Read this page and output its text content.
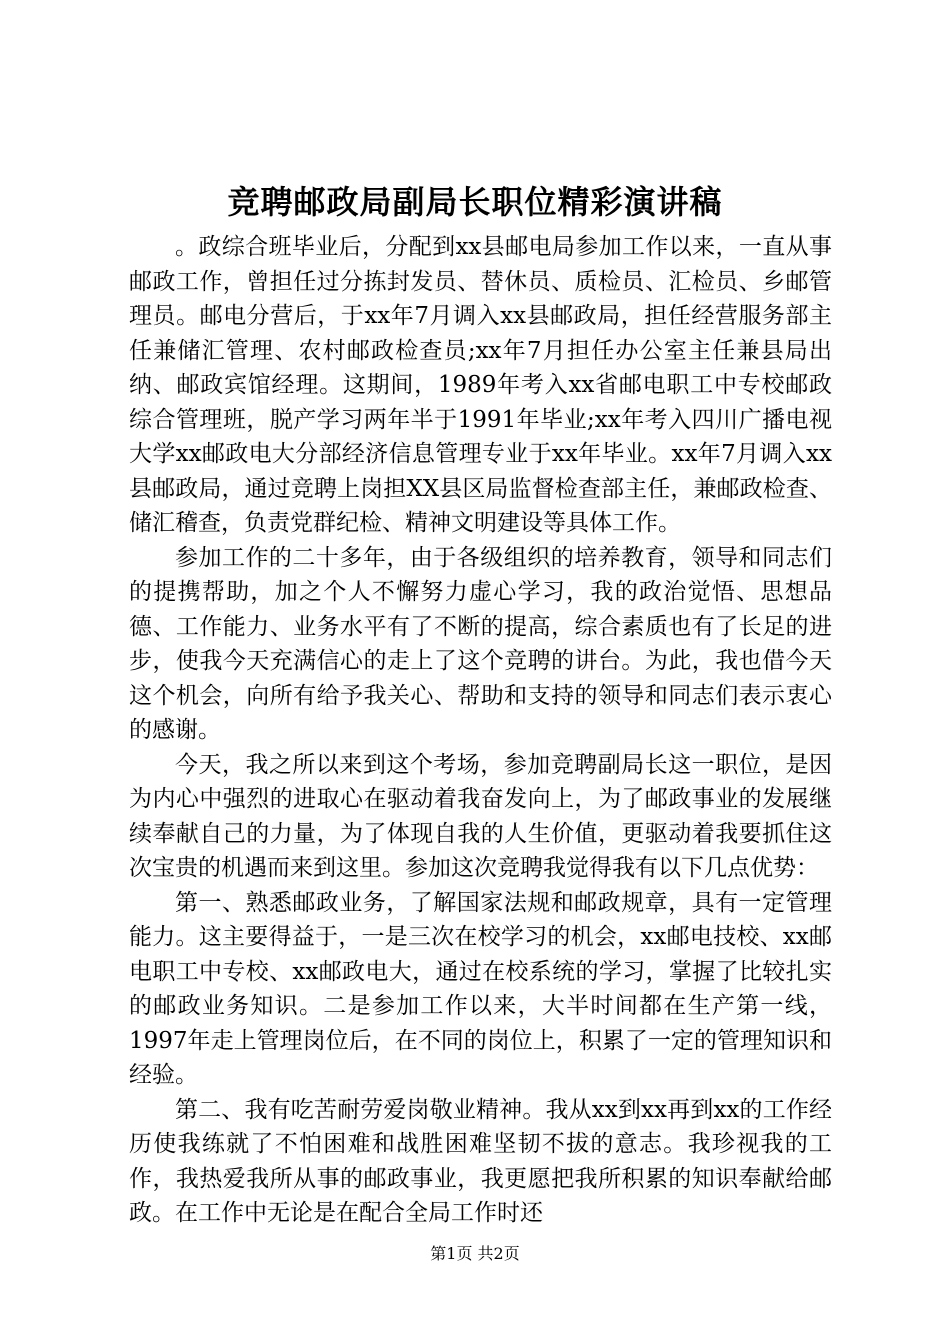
竞聘邮政局副局长职位精彩演讲稿

。政综合班毕业后，分配到xx县邮电局参加工作以来，一直从事邮政工作，曾担任过分拣封发员、替休员、质检员、汇检员、乡邮管理员。邮电分营后，于xx年7月调入xx县邮政局，担任经营服务部主任兼储汇管理、农村邮政检查员;xx年7月担任办公室主任兼县局出纳、邮政宾馆经理。这期间，1989年考入xx省邮电职工中专校邮政综合管理班，脱产学习两年半于1991年毕业;xx年考入四川广播电视大学xx邮政电大分部经济信息管理专业于xx年毕业。xx年7月调入xx县邮政局，通过竞聘上岗担XX县区局监督检查部主任，兼邮政检查、储汇稽查，负责党群纪检、精神文明建设等具体工作。

参加工作的二十多年，由于各级组织的培养教育，领导和同志们的提携帮助，加之个人不懈努力虚心学习，我的政治觉悟、思想品德、工作能力、业务水平有了不断的提高，综合素质也有了长足的进步，使我今天充满信心的走上了这个竞聘的讲台。为此，我也借今天这个机会，向所有给予我关心、帮助和支持的领导和同志们表示衷心的感谢。

今天，我之所以来到这个考场，参加竞聘副局长这一职位，是因为内心中强烈的进取心在驱动着我奋发向上，为了邮政事业的发展继续奉献自己的力量，为了体现自我的人生价值，更驱动着我要抓住这次宝贵的机遇而来到这里。参加这次竞聘我觉得我有以下几点优势：

第一、熟悉邮政业务，了解国家法规和邮政规章，具有一定管理能力。这主要得益于，一是三次在校学习的机会，xx邮电技校、xx邮电职工中专校、xx邮政电大，通过在校系统的学习，掌握了比较扎实的邮政业务知识。二是参加工作以来，大半时间都在生产第一线，1997年走上管理岗位后，在不同的岗位上，积累了一定的管理知识和经验。

第二、我有吃苦耐劳爱岗敬业精神。我从xx到xx再到xx的工作经历使我练就了不怕困难和战胜困难坚韧不拔的意志。我珍视我的工作，我热爱我所从事的邮政事业，我更愿把我所积累的知识奉献给邮政。在工作中无论是在配合全局工作时还

第1页 共2页
